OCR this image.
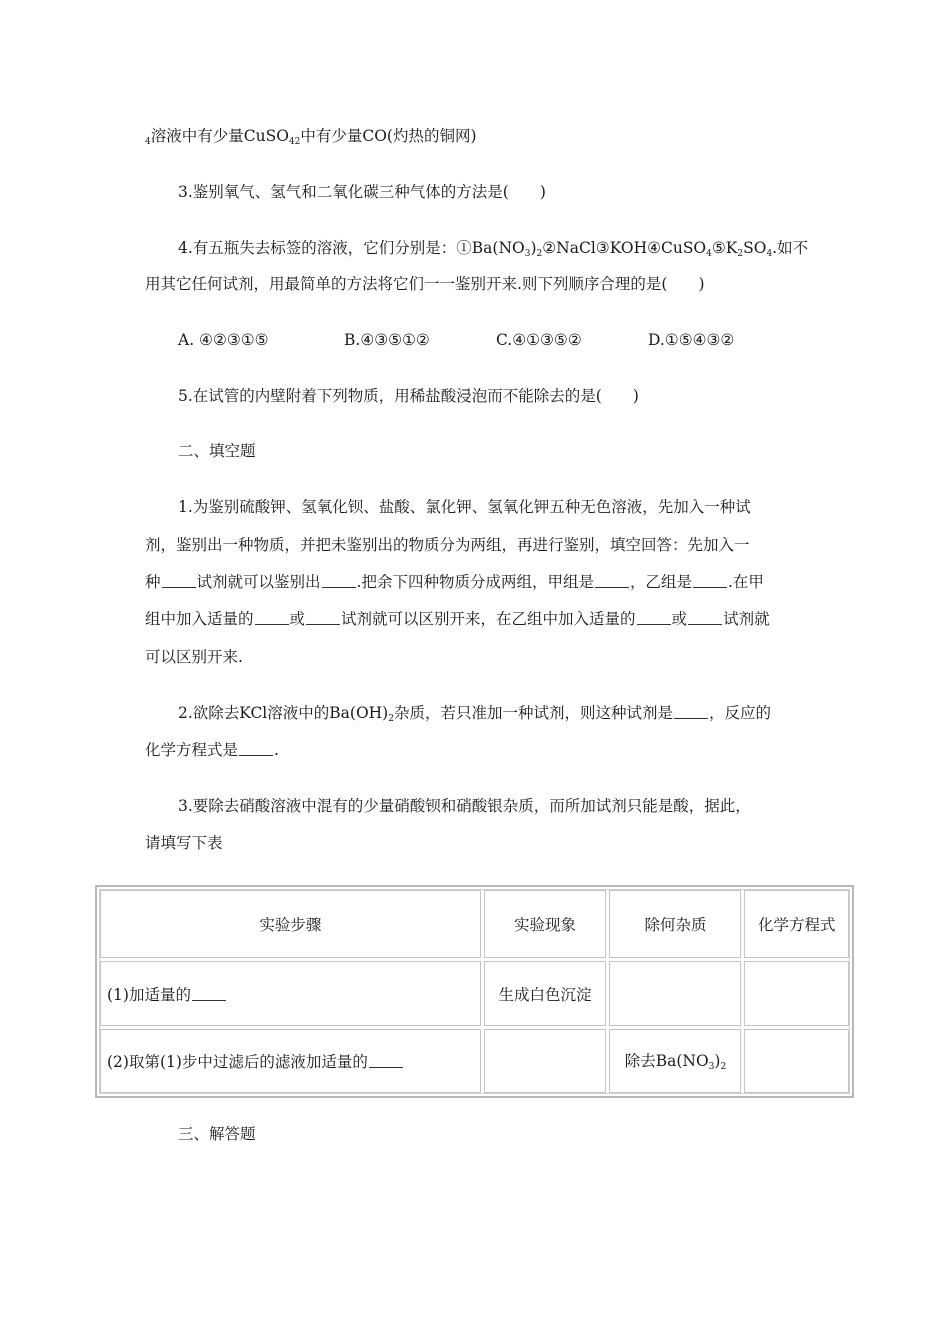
$_4$溶液中有少量CuSO$_{42}$中有少量CO(灼热的铜网)
3.鉴别氧气、氢气和二氧化碳三种气体的方法是(　　)
4.有五瓶失去标签的溶液，它们分别是：$①Ba(NO_3)_2②NaCl③KOH④CuSO_4⑤K_2SO_4$.如不
用其它任何试剂，用最简单的方法将它们一一鉴别开来.则下列顺序合理的是(　　)
A. ④②③①⑤	B.④③⑤①②	C.④①③⑤②	D.①⑤④③②
5.在试管的内壁附着下列物质，用稀盐酸浸泡而不能除去的是(　　)
二、填空题
1.为鉴别硫酸钾、氢氧化钡、盐酸、氯化钾、氢氧化钾五种无色溶液，先加入一种试
剂，鉴别出一种物质，并把未鉴别出的物质分为两组，再进行鉴别，填空回答：先加入一
种 试剂就可以鉴别出 .把余下四种物质分成两组，甲组是 ，乙组是 .在甲
组中加入适量的 或 试剂就可以区别开来，在乙组中加入适量的 或 试剂就
可以区别开来.
2.欲除去KCl溶液中的$Ba(OH)_2$杂质，若只准加一种试剂，则这种试剂是 ，反应的
化学方程式是 .
3.要除去硝酸溶液中混有的少量硝酸钡和硝酸银杂质，而所加试剂只能是酸，据此，
请填写下表
实验步骤	实验现象	除何杂质	化学方程式
(1)加适量的	生成白色沉淀		
(2)取第(1)步中过滤后的滤液加适量的		除去$Ba(NO_3)_2$	
三、解答题
